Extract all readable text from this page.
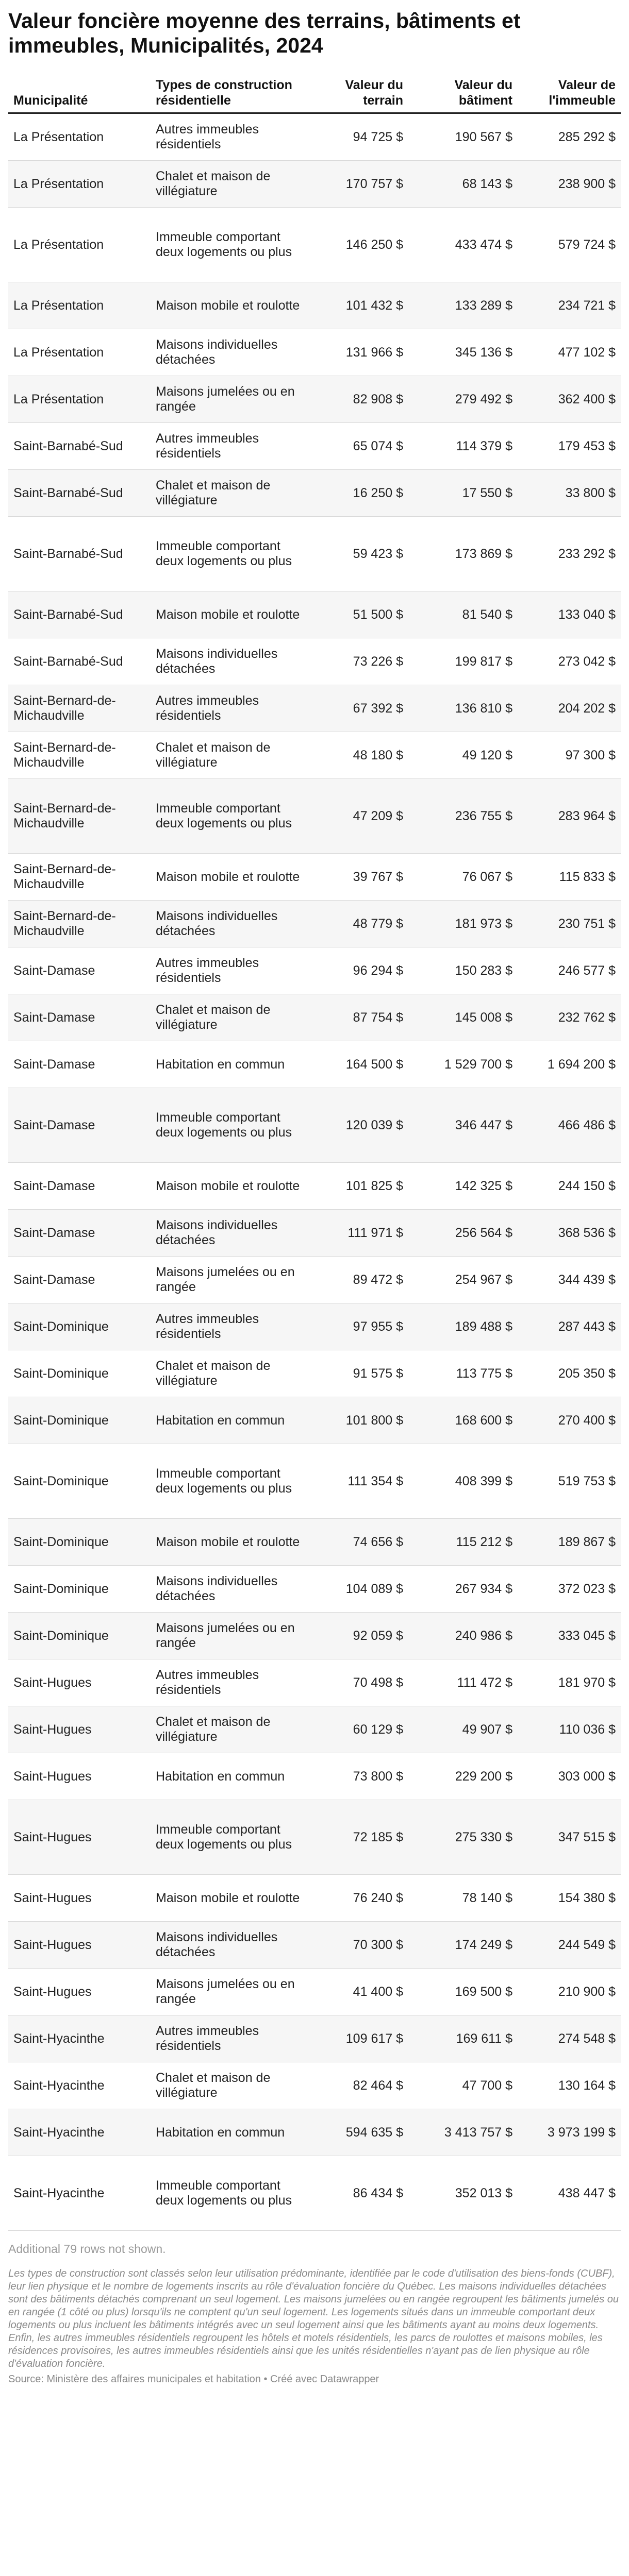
Valeur foncière moyenne des terrains, bâtiments et immeubles, Municipalités, 2024
Municipalité	Types de construction résidentielle	Valeur du terrain	Valeur du bâtiment	Valeur de l'immeuble
La Présentation	Autres immeubles résidentiels	94 725 $	190 567 $	285 292 $
La Présentation	Chalet et maison de villégiature	170 757 $	68 143 $	238 900 $
La Présentation	Immeuble comportant deux logements ou plus	146 250 $	433 474 $	579 724 $
La Présentation	Maison mobile et roulotte	101 432 $	133 289 $	234 721 $
La Présentation	Maisons individuelles détachées	131 966 $	345 136 $	477 102 $
La Présentation	Maisons jumelées ou en rangée	82 908 $	279 492 $	362 400 $
Saint-Barnabé-Sud	Autres immeubles résidentiels	65 074 $	114 379 $	179 453 $
Saint-Barnabé-Sud	Chalet et maison de villégiature	16 250 $	17 550 $	33 800 $
Saint-Barnabé-Sud	Immeuble comportant deux logements ou plus	59 423 $	173 869 $	233 292 $
Saint-Barnabé-Sud	Maison mobile et roulotte	51 500 $	81 540 $	133 040 $
Saint-Barnabé-Sud	Maisons individuelles détachées	73 226 $	199 817 $	273 042 $
Saint-Bernard-de-Michaudville	Autres immeubles résidentiels	67 392 $	136 810 $	204 202 $
Saint-Bernard-de-Michaudville	Chalet et maison de villégiature	48 180 $	49 120 $	97 300 $
Saint-Bernard-de-Michaudville	Immeuble comportant deux logements ou plus	47 209 $	236 755 $	283 964 $
Saint-Bernard-de-Michaudville	Maison mobile et roulotte	39 767 $	76 067 $	115 833 $
Saint-Bernard-de-Michaudville	Maisons individuelles détachées	48 779 $	181 973 $	230 751 $
Saint-Damase	Autres immeubles résidentiels	96 294 $	150 283 $	246 577 $
Saint-Damase	Chalet et maison de villégiature	87 754 $	145 008 $	232 762 $
Saint-Damase	Habitation en commun	164 500 $	1 529 700 $	1 694 200 $
Saint-Damase	Immeuble comportant deux logements ou plus	120 039 $	346 447 $	466 486 $
Saint-Damase	Maison mobile et roulotte	101 825 $	142 325 $	244 150 $
Saint-Damase	Maisons individuelles détachées	111 971 $	256 564 $	368 536 $
Saint-Damase	Maisons jumelées ou en rangée	89 472 $	254 967 $	344 439 $
Saint-Dominique	Autres immeubles résidentiels	97 955 $	189 488 $	287 443 $
Saint-Dominique	Chalet et maison de villégiature	91 575 $	113 775 $	205 350 $
Saint-Dominique	Habitation en commun	101 800 $	168 600 $	270 400 $
Saint-Dominique	Immeuble comportant deux logements ou plus	111 354 $	408 399 $	519 753 $
Saint-Dominique	Maison mobile et roulotte	74 656 $	115 212 $	189 867 $
Saint-Dominique	Maisons individuelles détachées	104 089 $	267 934 $	372 023 $
Saint-Dominique	Maisons jumelées ou en rangée	92 059 $	240 986 $	333 045 $
Saint-Hugues	Autres immeubles résidentiels	70 498 $	111 472 $	181 970 $
Saint-Hugues	Chalet et maison de villégiature	60 129 $	49 907 $	110 036 $
Saint-Hugues	Habitation en commun	73 800 $	229 200 $	303 000 $
Saint-Hugues	Immeuble comportant deux logements ou plus	72 185 $	275 330 $	347 515 $
Saint-Hugues	Maison mobile et roulotte	76 240 $	78 140 $	154 380 $
Saint-Hugues	Maisons individuelles détachées	70 300 $	174 249 $	244 549 $
Saint-Hugues	Maisons jumelées ou en rangée	41 400 $	169 500 $	210 900 $
Saint-Hyacinthe	Autres immeubles résidentiels	109 617 $	169 611 $	274 548 $
Saint-Hyacinthe	Chalet et maison de villégiature	82 464 $	47 700 $	130 164 $
Saint-Hyacinthe	Habitation en commun	594 635 $	3 413 757 $	3 973 199 $
Saint-Hyacinthe	Immeuble comportant deux logements ou plus	86 434 $	352 013 $	438 447 $
Additional 79 rows not shown.
Les types de construction sont classés selon leur utilisation prédominante, identifiée par le code d'utilisation des biens-fonds (CUBF), leur lien physique et le nombre de logements inscrits au rôle d'évaluation foncière du Québec. Les maisons individuelles détachées sont des bâtiments détachés comprenant un seul logement. Les maisons jumelées ou en rangée regroupent les bâtiments jumelés ou en rangée (1 côté ou plus) lorsqu'ils ne comptent qu'un seul logement. Les logements situés dans un immeuble comportant deux logements ou plus incluent les bâtiments intégrés avec un seul logement ainsi que les bâtiments ayant au moins deux logements. Enfin, les autres immeubles résidentiels regroupent les hôtels et motels résidentiels, les parcs de roulottes et maisons mobiles, les résidences provisoires, les autres immeubles résidentiels ainsi que les unités résidentielles n'ayant pas de lien physique au rôle d'évaluation foncière.
Source: Ministère des affaires municipales et habitation • Créé avec Datawrapper
